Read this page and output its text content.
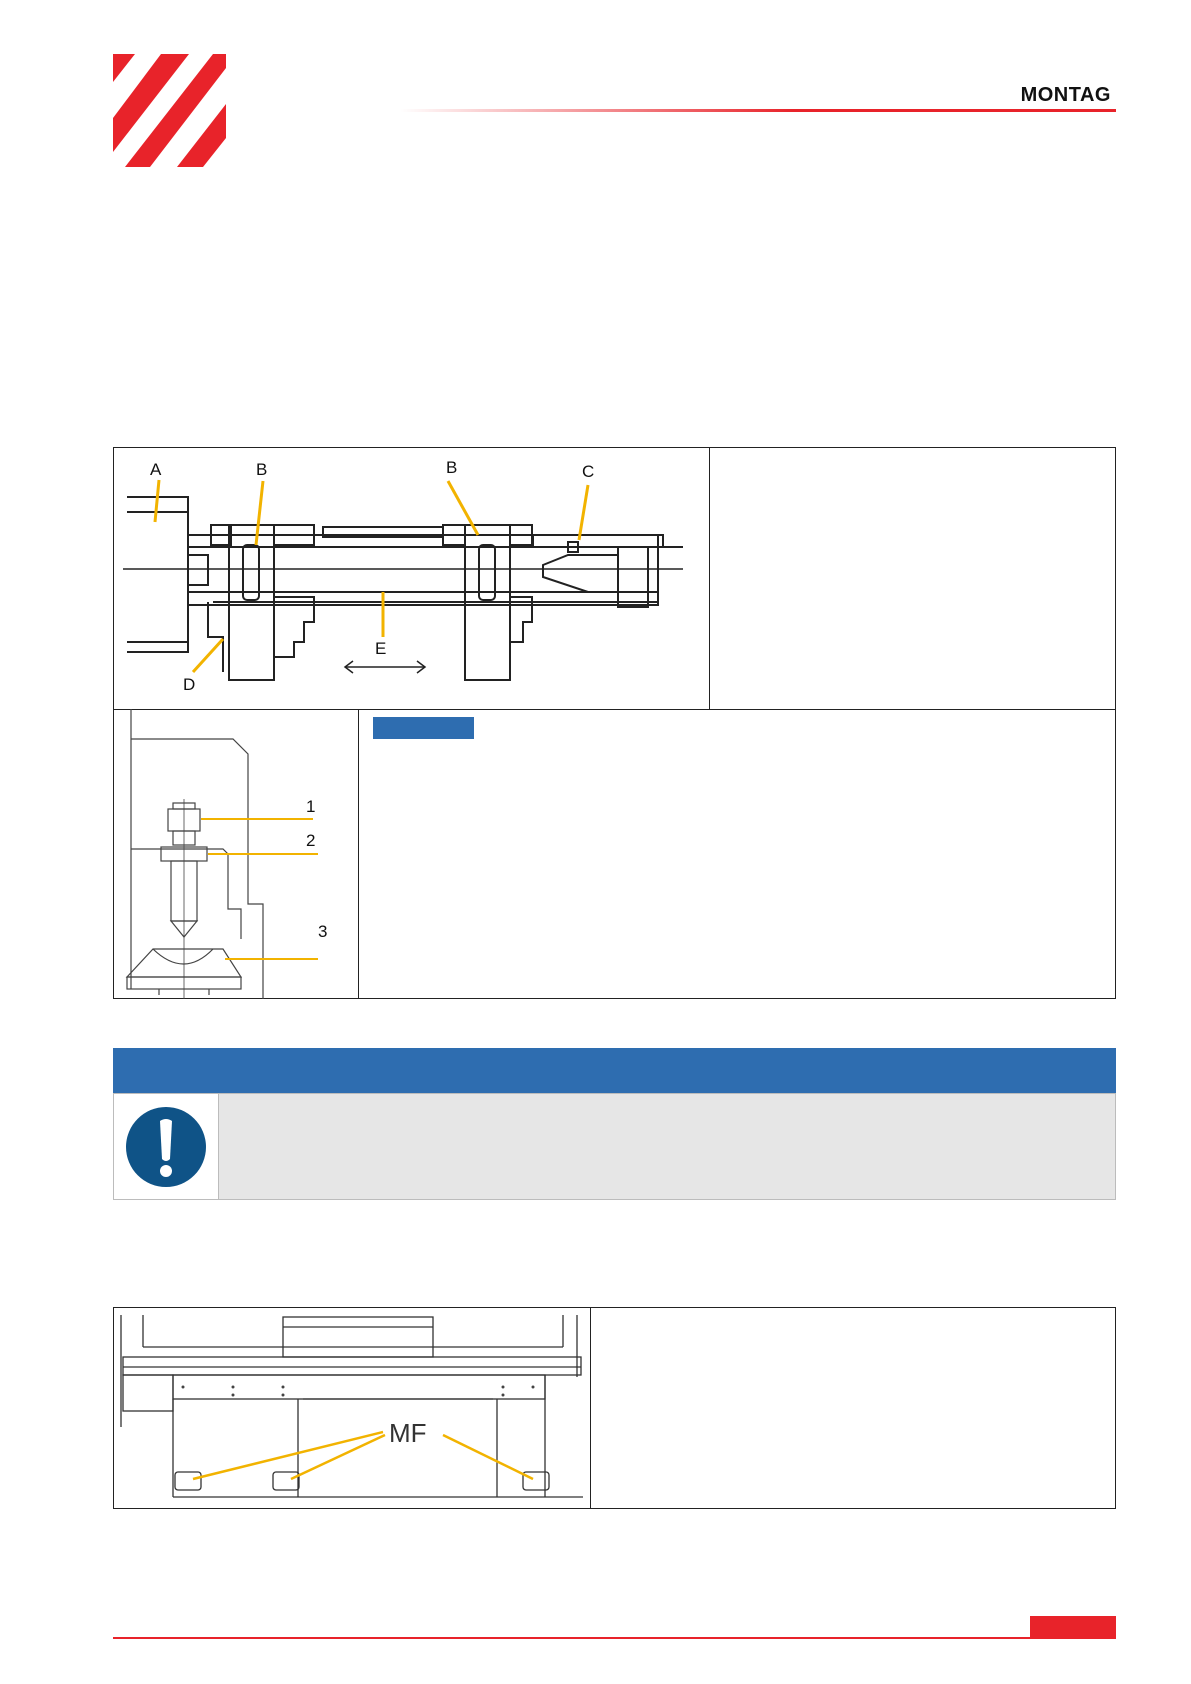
MONTAG
A	B	B	C
D
E
1
2
3
MF
